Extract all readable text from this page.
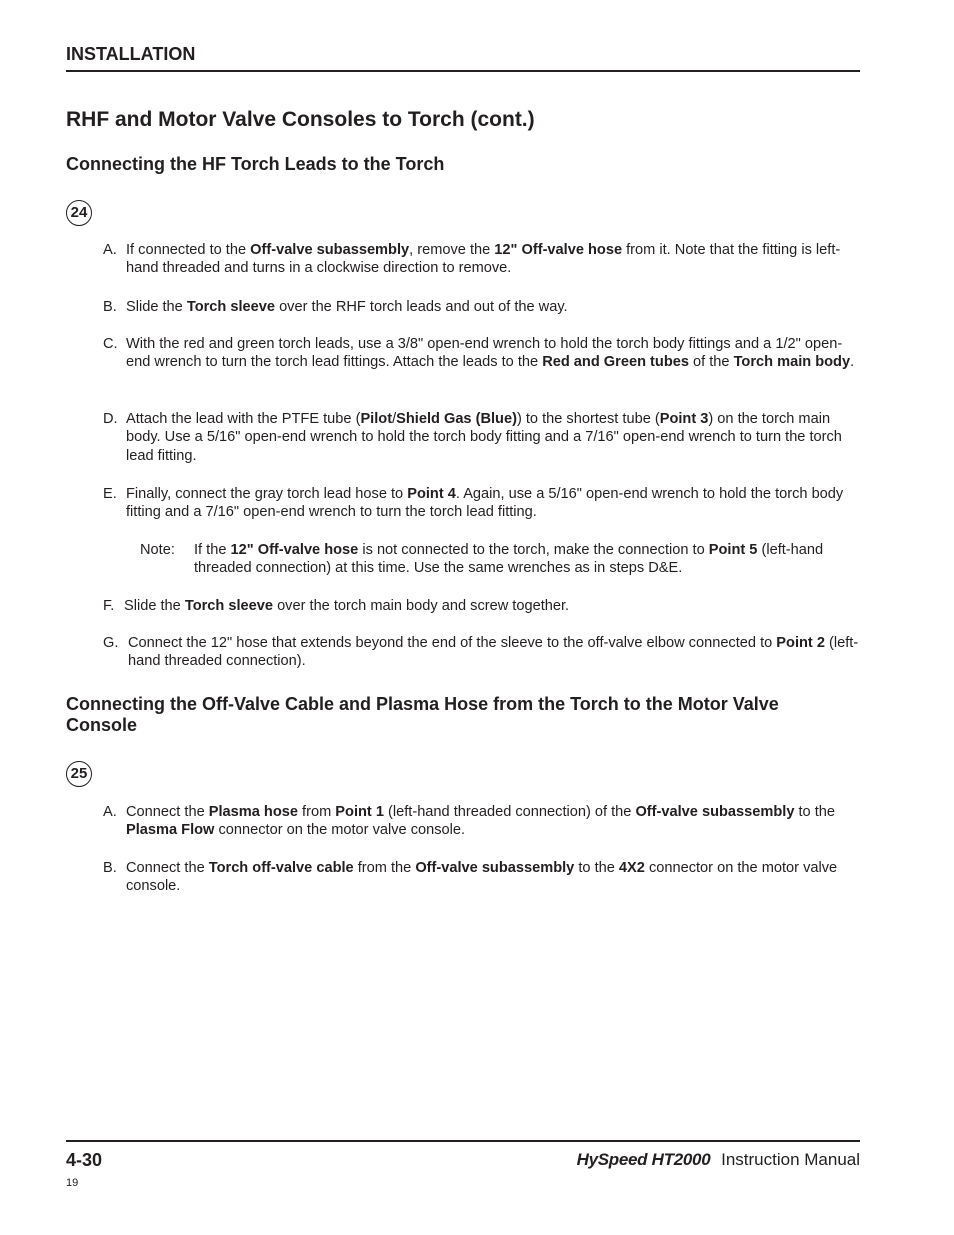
INSTALLATION
RHF and Motor Valve Consoles to Torch (cont.)
Connecting the HF Torch Leads to the Torch
24
A. If connected to the Off-valve subassembly, remove the 12" Off-valve hose from it. Note that the fitting is left-hand threaded and turns in a clockwise direction to remove.
B. Slide the Torch sleeve over the RHF torch leads and out of the way.
C. With the red and green torch leads, use a 3/8" open-end wrench to hold the torch body fittings and a 1/2" open-end wrench to turn the torch lead fittings. Attach the leads to the Red and Green tubes of the Torch main body.
D. Attach the lead with the PTFE tube (Pilot/Shield Gas (Blue)) to the shortest tube (Point 3) on the torch main body. Use a 5/16" open-end wrench to hold the torch body fitting and a 7/16" open-end wrench to turn the torch lead fitting.
E. Finally, connect the gray torch lead hose to Point 4. Again, use a 5/16" open-end wrench to hold the torch body fitting and a 7/16" open-end wrench to turn the torch lead fitting.
Note: If the 12" Off-valve hose is not connected to the torch, make the connection to Point 5 (left-hand threaded connection) at this time. Use the same wrenches as in steps D&E.
F. Slide the Torch sleeve over the torch main body and screw together.
G. Connect the 12" hose that extends beyond the end of the sleeve to the off-valve elbow connected to Point 2 (left-hand threaded connection).
Connecting the Off-Valve Cable and Plasma Hose from the Torch to the Motor Valve Console
25
A. Connect the Plasma hose from Point 1 (left-hand threaded connection) of the Off-valve subassembly to the Plasma Flow connector on the motor valve console.
B. Connect the Torch off-valve cable from the Off-valve subassembly to the 4X2 connector on the motor valve console.
4-30	HySpeed HT2000 Instruction Manual
19
